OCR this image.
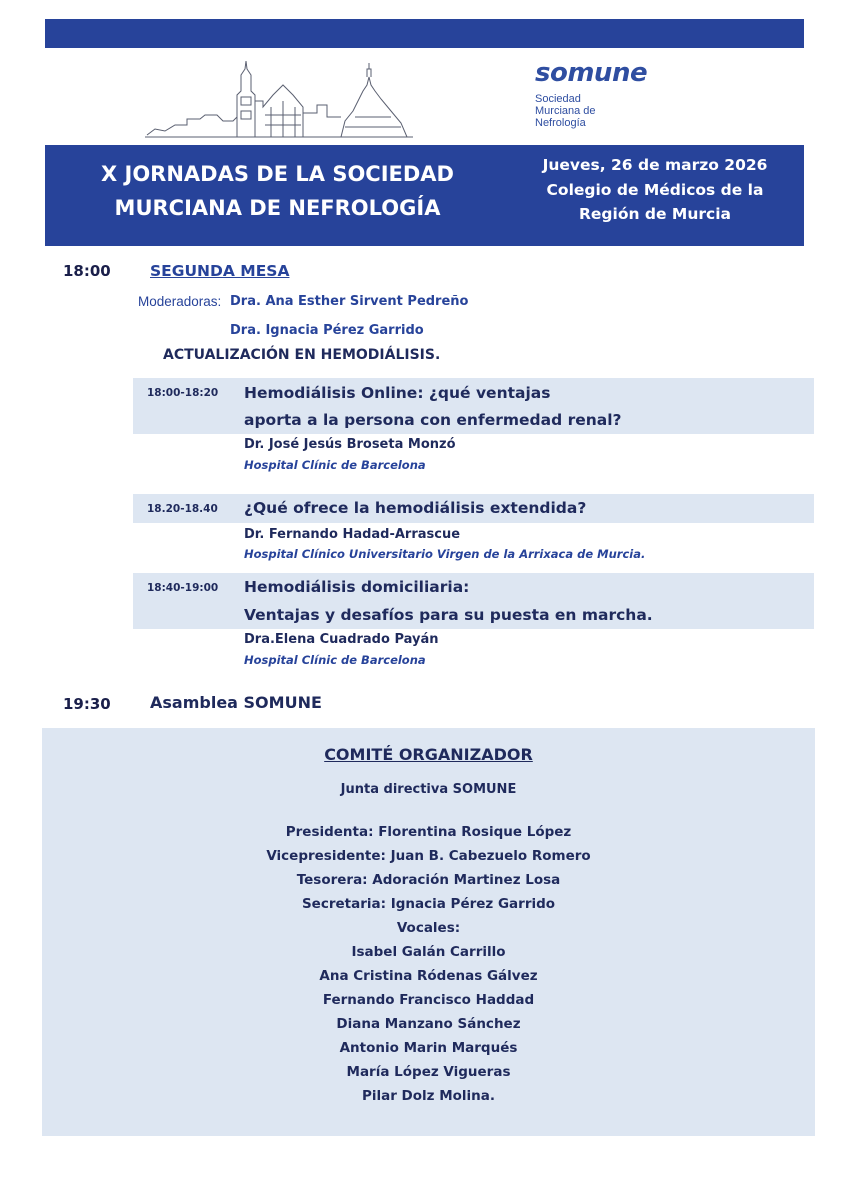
somune
Sociedad
Murciana de
Nefrología
X JORNADAS DE LA SOCIEDAD
MURCIANA DE NEFROLOGÍA
Jueves, 26 de marzo 2026
Colegio de Médicos de la
Región de Murcia
18:00	SEGUNDA MESA
Moderadoras: Dra. Ana Esther Sirvent Pedreño
Dra. Ignacia Pérez Garrido
ACTUALIZACIÓN EN HEMODIÁLISIS.
18:00-18:20 Hemodiálisis Online: ¿qué ventajas
aporta a la persona con enfermedad renal?
Dr. José Jesús Broseta Monzó
Hospital Clínic de Barcelona
18.20-18.40 ¿Qué ofrece la hemodiálisis extendida?
Dr. Fernando Hadad-Arrascue
Hospital Clínico Universitario Virgen de la Arrixaca de Murcia.
18:40-19:00 Hemodiálisis domiciliaria:
Ventajas y desafíos para su puesta en marcha.
Dra.Elena Cuadrado Payán
Hospital Clínic de Barcelona
19:30 Asamblea SOMUNE
COMITÉ ORGANIZADOR
Junta directiva SOMUNE
Presidenta: Florentina Rosique López
Vicepresidente: Juan B. Cabezuelo Romero
Tesorera: Adoración Martinez Losa
Secretaria: Ignacia Pérez Garrido
Vocales:
Isabel Galán Carrillo
Ana Cristina Ródenas Gálvez
Fernando Francisco Haddad
Diana Manzano Sánchez
Antonio Marin Marqués
María López Vigueras
Pilar Dolz Molina.
